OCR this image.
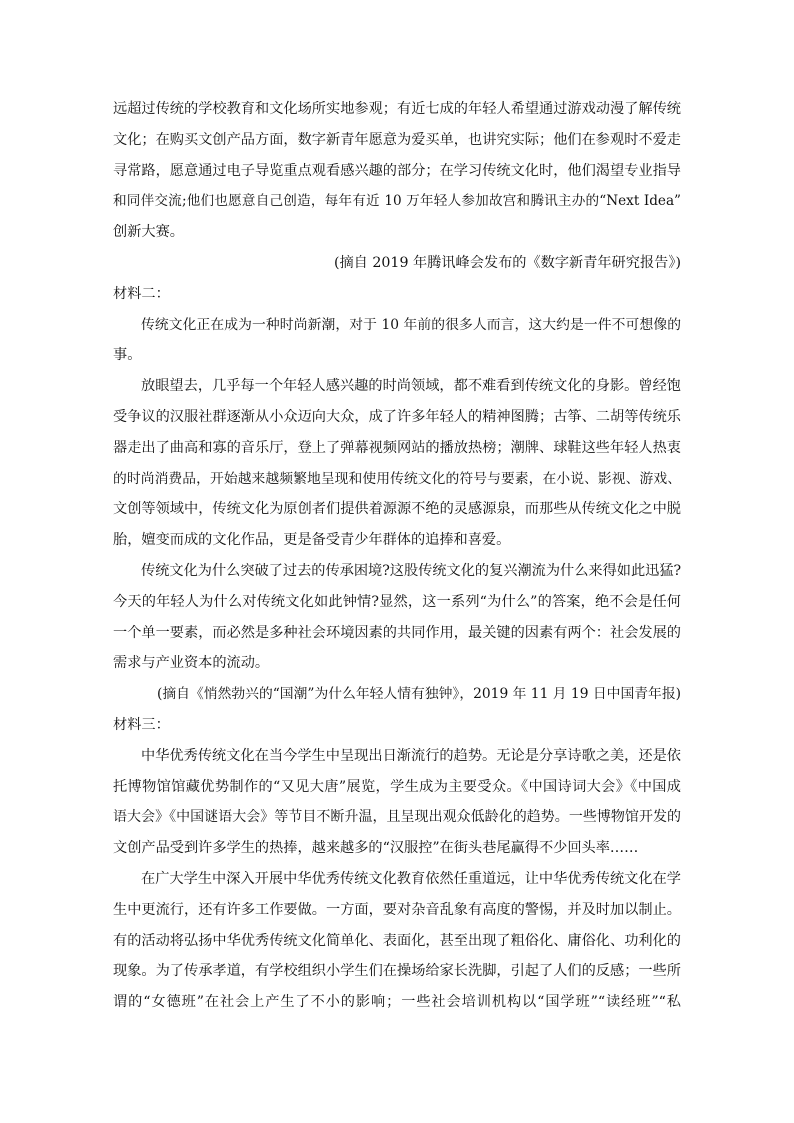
远超过传统的学校教育和文化场所实地参观；有近七成的年轻人希望通过游戏动漫了解传统
文化；在购买文创产品方面，数字新青年愿意为爱买单，也讲究实际；他们在参观时不爱走
寻常路，愿意通过电子导览重点观看感兴趣的部分；在学习传统文化时，他们渴望专业指导
和同伴交流;他们也愿意自己创造，每年有近 10 万年轻人参加故宫和腾讯主办的“Next Idea”
创新大赛。
(摘自 2019 年腾讯峰会发布的《数字新青年研究报告》)
材料二：
传统文化正在成为一种时尚新潮，对于 10 年前的很多人而言，这大约是一件不可想像的
事。
放眼望去，几乎每一个年轻人感兴趣的时尚领域，都不难看到传统文化的身影。曾经饱
受争议的汉服社群逐渐从小众迈向大众，成了许多年轻人的精神图腾；古筝、二胡等传统乐
器走出了曲高和寡的音乐厅，登上了弹幕视频网站的播放热榜；潮牌、球鞋这些年轻人热衷
的时尚消费品，开始越来越频繁地呈现和使用传统文化的符号与要素，在小说、影视、游戏、
文创等领域中，传统文化为原创者们提供着源源不绝的灵感源泉，而那些从传统文化之中脱
胎，嬗变而成的文化作品，更是备受青少年群体的追捧和喜爱。
传统文化为什么突破了过去的传承困境?这股传统文化的复兴潮流为什么来得如此迅猛?
今天的年轻人为什么对传统文化如此钟情?显然，这一系列“为什么”的答案，绝不会是任何
一个单一要素，而必然是多种社会环境因素的共同作用，最关键的因素有两个：社会发展的
需求与产业资本的流动。
(摘自《悄然勃兴的“国潮”为什么年轻人情有独钟》，2019 年 11 月 19 日中国青年报)
材料三：
中华优秀传统文化在当今学生中呈现出日渐流行的趋势。无论是分享诗歌之美，还是依
托博物馆馆藏优势制作的“又见大唐”展览，学生成为主要受众。《中国诗词大会》《中国成
语大会》《中国谜语大会》等节目不断升温，且呈现出观众低龄化的趋势。一些博物馆开发的
文创产品受到许多学生的热捧，越来越多的“汉服控”在街头巷尾赢得不少回头率……
在广大学生中深入开展中华优秀传统文化教育依然任重道远，让中华优秀传统文化在学
生中更流行，还有许多工作要做。一方面，要对杂音乱象有高度的警惕，并及时加以制止。
有的活动将弘扬中华优秀传统文化简单化、表面化，甚至出现了粗俗化、庸俗化、功利化的
现象。为了传承孝道，有学校组织小学生们在操场给家长洗脚，引起了人们的反感；一些所
谓的“女德班”在社会上产生了不小的影响；一些社会培训机构以“国学班”“读经班”“私
